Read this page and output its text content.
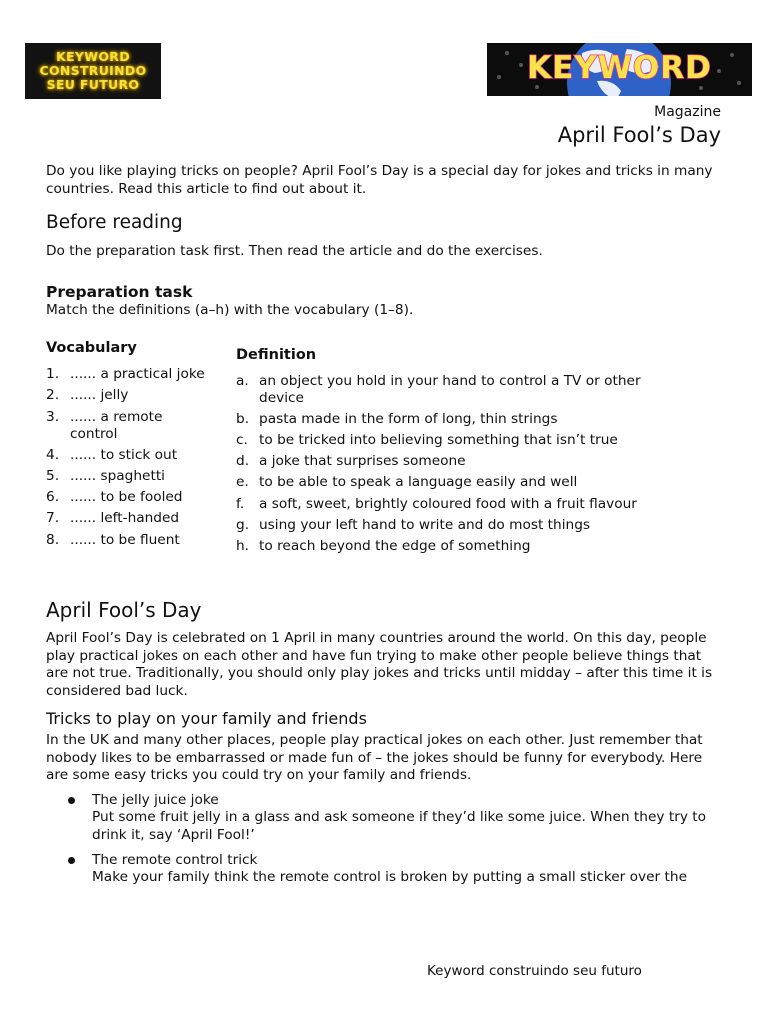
KEYWORD
CONSTRUINDO
SEU FUTURO	KEYWORD
Magazine
April Fool’s Day
Do you like playing tricks on people? April Fool’s Day is a special day for jokes and tricks in many countries. Read this article to find out about it.
Before reading
Do the preparation task first. Then read the article and do the exercises.
Preparation task
Match the definitions (a–h) with the vocabulary (1–8).
Vocabulary
1. ...... a practical joke
2. ...... jelly
3. ...... a remote control
4. ...... to stick out
5. ...... spaghetti
6. ...... to be fooled
7. ...... left-handed
8. ...... to be fluent
Definition
a. an object you hold in your hand to control a TV or other device
b. pasta made in the form of long, thin strings
c. to be tricked into believing something that isn’t true
d. a joke that surprises someone
e. to be able to speak a language easily and well
f. a soft, sweet, brightly coloured food with a fruit flavour
g. using your left hand to write and do most things
h. to reach beyond the edge of something
April Fool’s Day
April Fool’s Day is celebrated on 1 April in many countries around the world. On this day, people play practical jokes on each other and have fun trying to make other people believe things that are not true. Traditionally, you should only play jokes and tricks until midday – after this time it is considered bad luck.
Tricks to play on your family and friends
In the UK and many other places, people play practical jokes on each other. Just remember that nobody likes to be embarrassed or made fun of – the jokes should be funny for everybody. Here are some easy tricks you could try on your family and friends.
The jelly juice joke
Put some fruit jelly in a glass and ask someone if they’d like some juice. When they try to drink it, say ‘April Fool!’
The remote control trick
Make your family think the remote control is broken by putting a small sticker over the
Keyword construindo seu futuro
